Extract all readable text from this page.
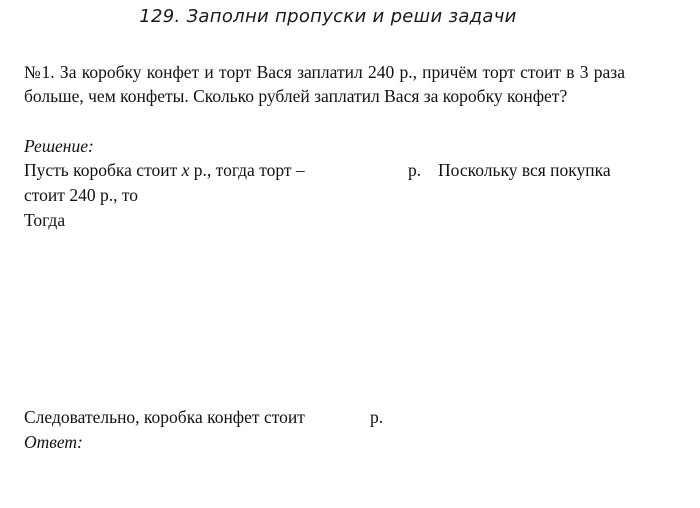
129. Заполни пропуски и реши задачи
№1. За коробку конфет и торт Вася заплатил 240 р., причём торт стоит в 3 раза больше, чем конфеты. Сколько рублей заплатил Вася за коробку конфет?
Решение:
Пусть коробка стоит x р., тогда торт –	р. Поскольку вся покупка
стоит 240 р., то
Тогда
Следовательно, коробка конфет стоит	р.
Ответ:
